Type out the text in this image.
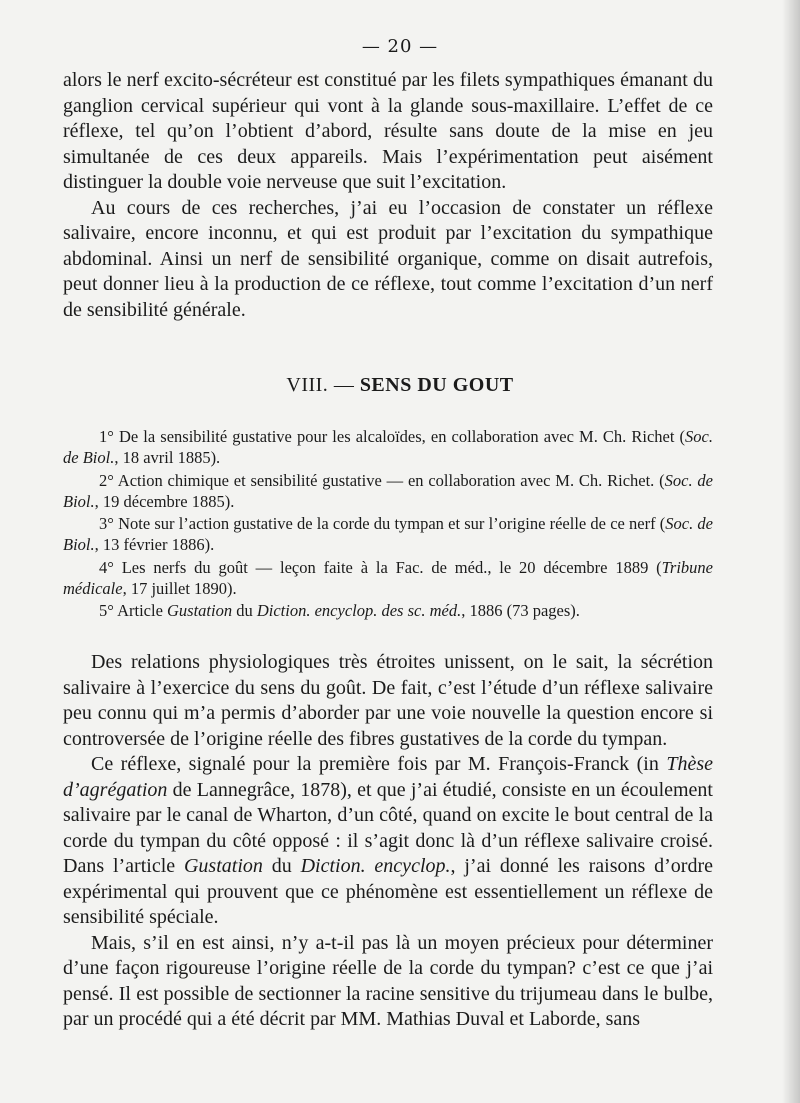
— 20 —

alors le nerf excito-sécréteur est constitué par les filets sympathiques émanant du ganglion cervical supérieur qui vont à la glande sous-maxillaire. L’effet de ce réflexe, tel qu’on l’obtient d’abord, résulte sans doute de la mise en jeu simultanée de ces deux appareils. Mais l’expérimentation peut aisément distinguer la double voie nerveuse que suit l’excitation.

Au cours de ces recherches, j’ai eu l’occasion de constater un réflexe salivaire, encore inconnu, et qui est produit par l’excitation du sympathique abdominal. Ainsi un nerf de sensibilité organique, comme on disait autrefois, peut donner lieu à la production de ce réflexe, tout comme l’excitation d’un nerf de sensibilité générale.

VIII. — SENS DU GOUT

1° De la sensibilité gustative pour les alcaloïdes, en collaboration avec M. Ch. Richet (Soc. de Biol., 18 avril 1885).

2° Action chimique et sensibilité gustative — en collaboration avec M. Ch. Richet. (Soc. de Biol., 19 décembre 1885).

3° Note sur l’action gustative de la corde du tympan et sur l’origine réelle de ce nerf (Soc. de Biol., 13 février 1886).

4° Les nerfs du goût — leçon faite à la Fac. de méd., le 20 décembre 1889 (Tribune médicale, 17 juillet 1890).

5° Article Gustation du Diction. encyclop. des sc. méd., 1886 (73 pages).

Des relations physiologiques très étroites unissent, on le sait, la sécrétion salivaire à l’exercice du sens du goût. De fait, c’est l’étude d’un réflexe salivaire peu connu qui m’a permis d’aborder par une voie nouvelle la question encore si controversée de l’origine réelle des fibres gustatives de la corde du tympan.

Ce réflexe, signalé pour la première fois par M. François-Franck (in Thèse d’agrégation de Lannegrâce, 1878), et que j’ai étudié, consiste en un écoulement salivaire par le canal de Wharton, d’un côté, quand on excite le bout central de la corde du tympan du côté opposé : il s’agit donc là d’un réflexe salivaire croisé. Dans l’article Gustation du Diction. encyclop., j’ai donné les raisons d’ordre expérimental qui prouvent que ce phénomène est essentiellement un réflexe de sensibilité spéciale.

Mais, s’il en est ainsi, n’y a-t-il pas là un moyen précieux pour déterminer d’une façon rigoureuse l’origine réelle de la corde du tympan? c’est ce que j’ai pensé. Il est possible de sectionner la racine sensitive du trijumeau dans le bulbe, par un procédé qui a été décrit par MM. Mathias Duval et Laborde, sans
